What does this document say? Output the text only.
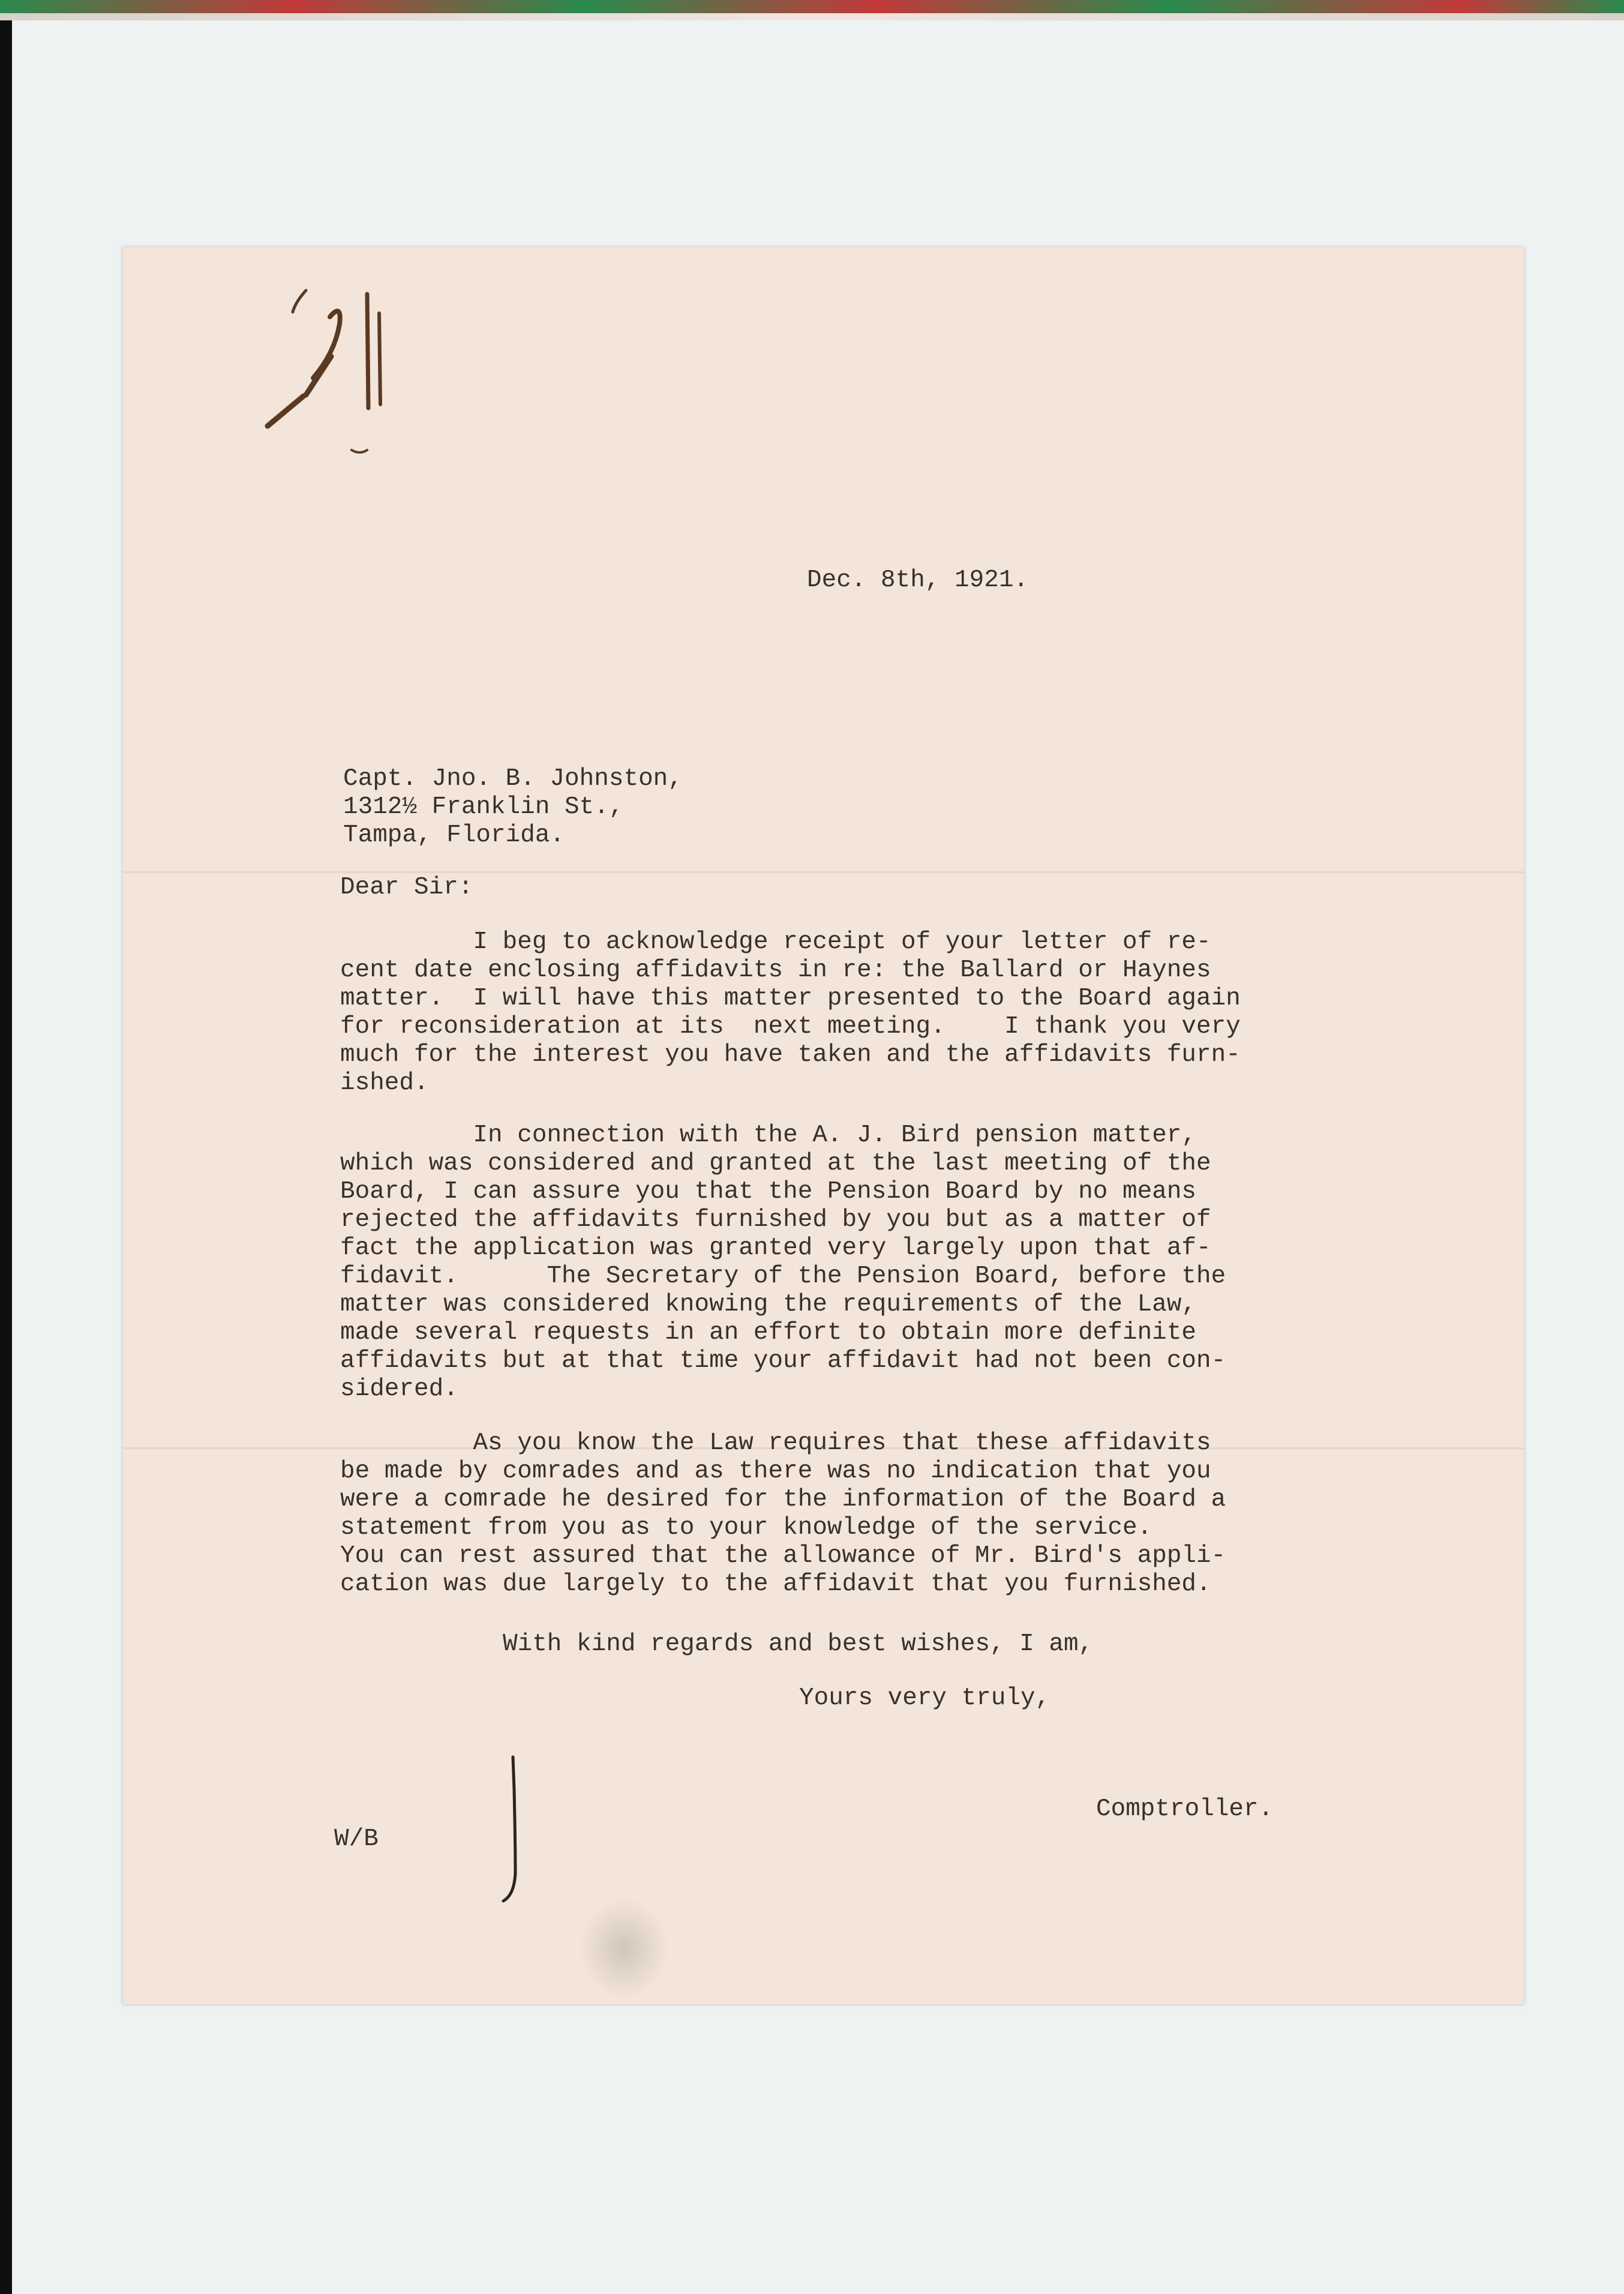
Dec. 8th, 1921.

Capt. Jno. B. Johnston,

1312½ Franklin St.,

Tampa, Florida.

Dear Sir:

I beg to acknowledge receipt of your letter of re-
cent date enclosing affidavits in re: the Ballard or Haynes
matter.  I will have this matter presented to the Board again
for reconsideration at its  next meeting.    I thank you very
much for the interest you have taken and the affidavits furn-
ished.

In connection with the A. J. Bird pension matter,
which was considered and granted at the last meeting of the
Board, I can assure you that the Pension Board by no means
rejected the affidavits furnished by you but as a matter of
fact the application was granted very largely upon that af-
fidavit.      The Secretary of the Pension Board, before the
matter was considered knowing the requirements of the Law,
made several requests in an effort to obtain more definite
affidavits but at that time your affidavit had not been con-
sidered.

As you know the Law requires that these affidavits
be made by comrades and as there was no indication that you
were a comrade he desired for the information of the Board a
statement from you as to your knowledge of the service.
You can rest assured that the allowance of Mr. Bird's appli-
cation was due largely to the affidavit that you furnished.

With kind regards and best wishes, I am,

Yours very truly,

Comptroller.

W/B
